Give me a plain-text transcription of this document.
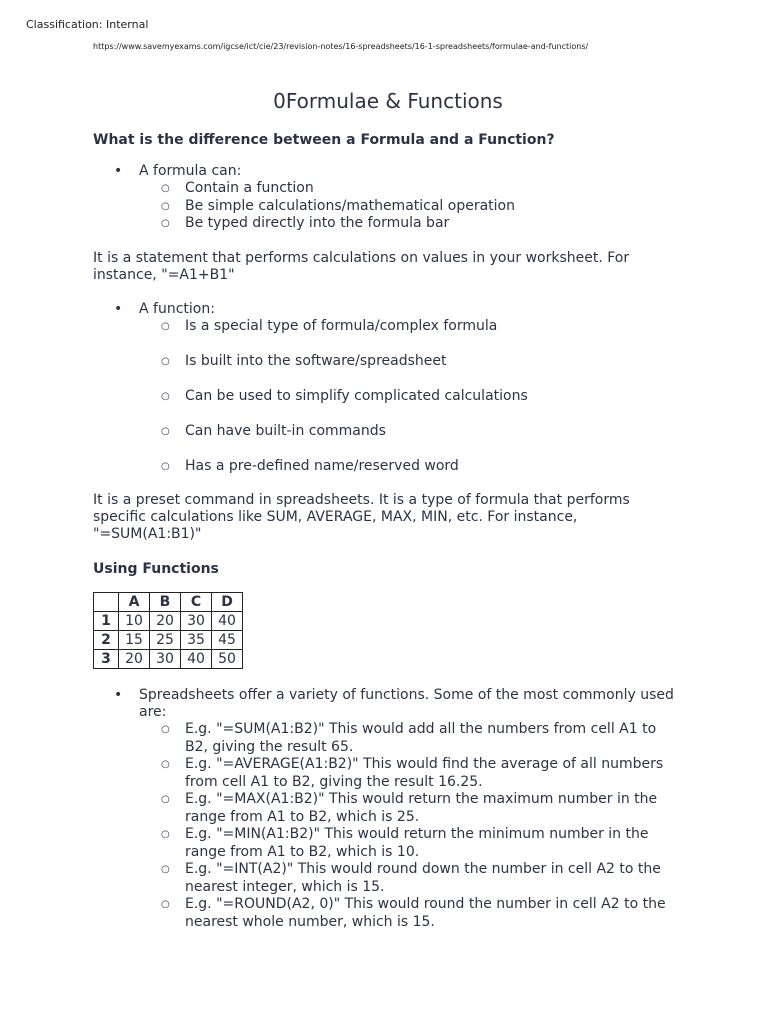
Classification: Internal
https://www.savemyexams.com/igcse/ict/cie/23/revision-notes/16-spreadsheets/16-1-spreadsheets/formulae-and-functions/
0Formulae & Functions
What is the difference between a Formula and a Function?
• A formula can:
○ Contain a function
○ Be simple calculations/mathematical operation
○ Be typed directly into the formula bar

It is a statement that performs calculations on values in your worksheet. For instance, "=A1+B1"

• A function:
○ Is a special type of formula/complex formula
○ Is built into the software/spreadsheet
○ Can be used to simplify complicated calculations
○ Can have built-in commands
○ Has a pre-defined name/reserved word

It is a preset command in spreadsheets. It is a type of formula that performs specific calculations like SUM, AVERAGE, MAX, MIN, etc. For instance, "=SUM(A1:B1)"

Using Functions
	A	B	C	D
1	10	20	30	40
2	15	25	35	45
3	20	30	40	50
• Spreadsheets offer a variety of functions. Some of the most commonly used are:
○ E.g. "=SUM(A1:B2)" This would add all the numbers from cell A1 to B2, giving the result 65.
○ E.g. "=AVERAGE(A1:B2)" This would find the average of all numbers from cell A1 to B2, giving the result 16.25.
○ E.g. "=MAX(A1:B2)" This would return the maximum number in the range from A1 to B2, which is 25.
○ E.g. "=MIN(A1:B2)" This would return the minimum number in the range from A1 to B2, which is 10.
○ E.g. "=INT(A2)" This would round down the number in cell A2 to the nearest integer, which is 15.
○ E.g. "=ROUND(A2, 0)" This would round the number in cell A2 to the nearest whole number, which is 15.
